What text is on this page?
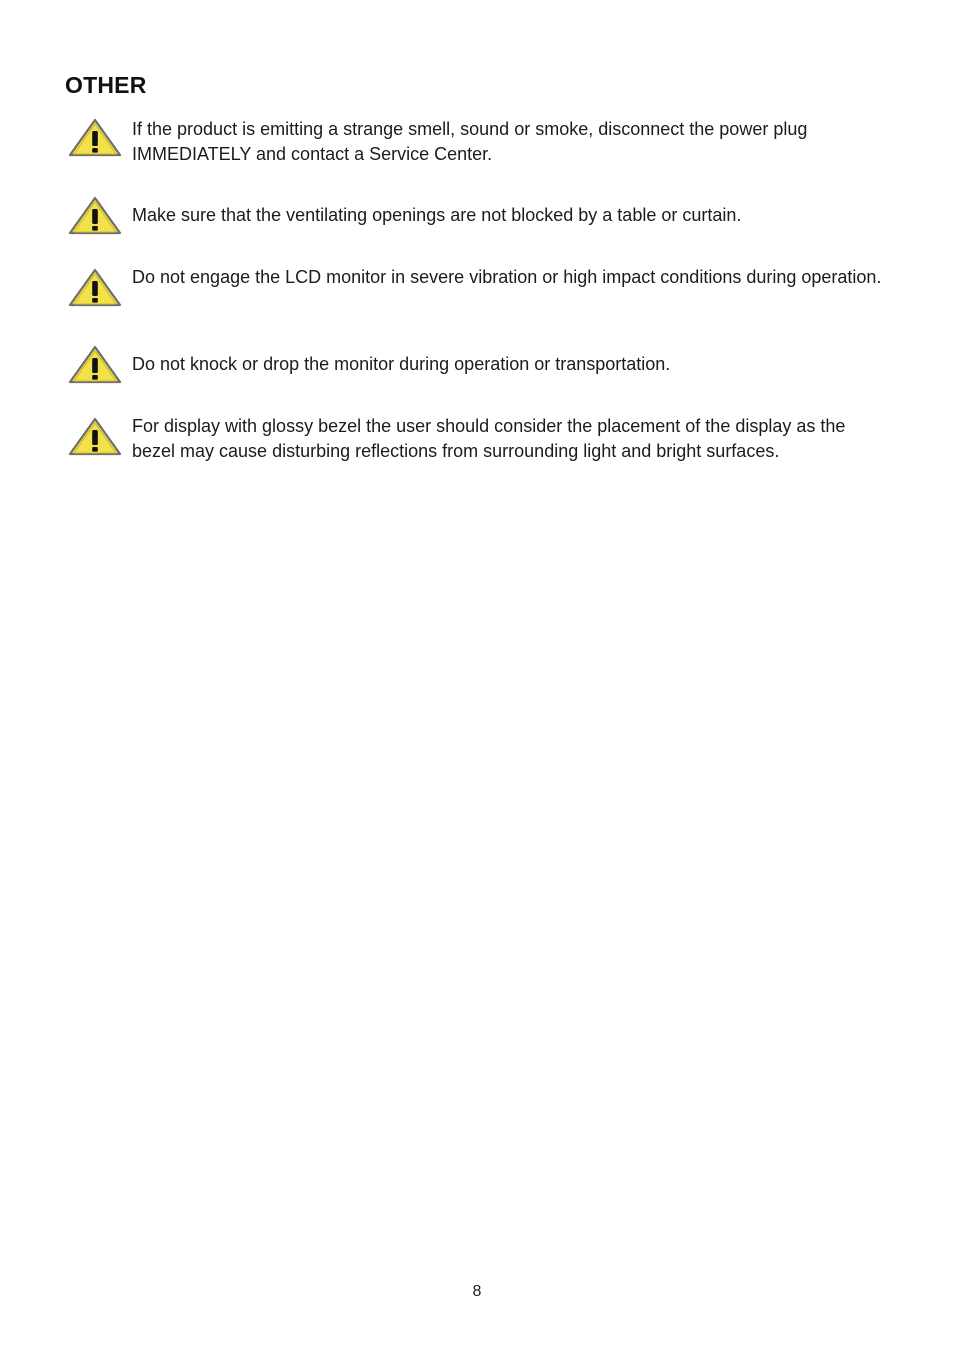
OTHER
If the product is emitting a strange smell, sound or smoke, disconnect the power plug IMMEDIATELY and contact a Service Center.
Make sure that the ventilating openings are not blocked by a table or curtain.
Do not engage the LCD monitor in severe vibration or high impact conditions during operation.
Do not knock or drop the monitor during operation or transportation.
For display with glossy bezel the user should consider the placement of the display as the bezel may cause disturbing reflections from surrounding light and bright surfaces.
8
